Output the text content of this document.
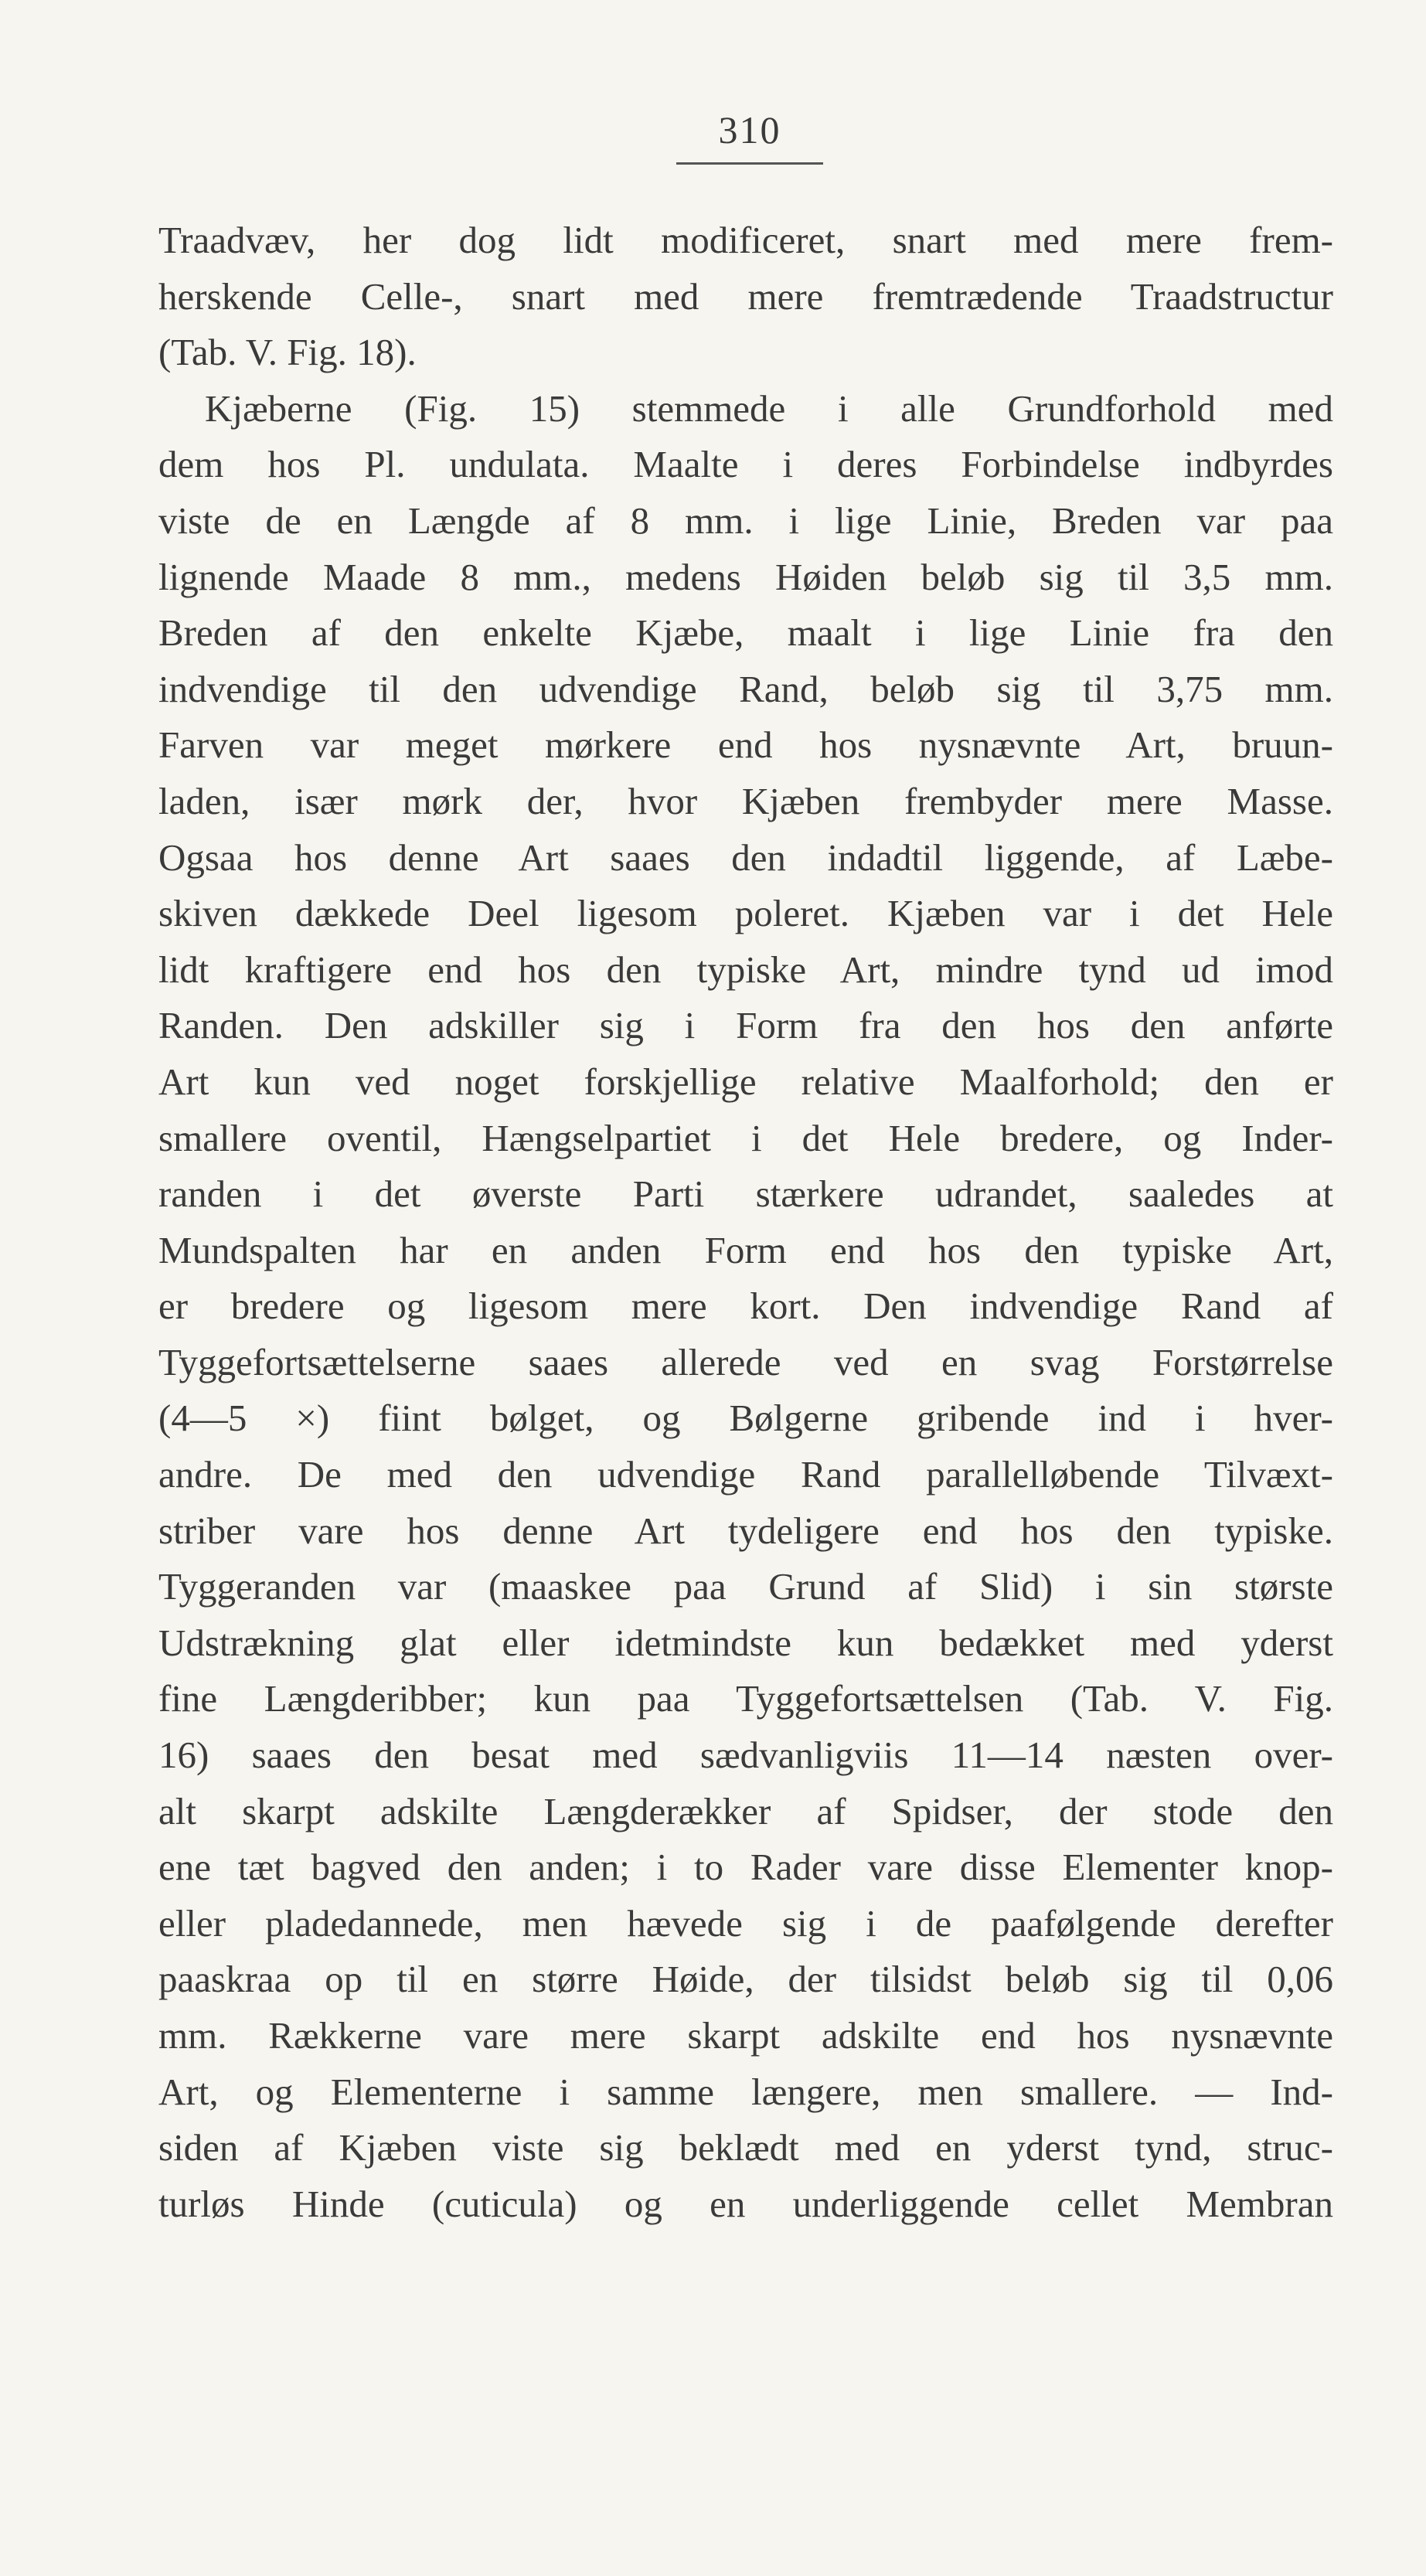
310
Traadvæv, her dog lidt modificeret, snart med mere frem-
herskende Celle-, snart med mere fremtrædende Traadstructur
(Tab. V. Fig. 18).
Kjæberne (Fig. 15) stemmede i alle Grundforhold med
dem hos Pl. undulata. Maalte i deres Forbindelse indbyrdes
viste de en Længde af 8 mm. i lige Linie, Breden var paa
lignende Maade 8 mm., medens Høiden beløb sig til 3,5 mm.
Breden af den enkelte Kjæbe, maalt i lige Linie fra den
indvendige til den udvendige Rand, beløb sig til 3,75 mm.
Farven var meget mørkere end hos nysnævnte Art, bruun-
laden, især mørk der, hvor Kjæben frembyder mere Masse.
Ogsaa hos denne Art saaes den indadtil liggende, af Læbe-
skiven dækkede Deel ligesom poleret. Kjæben var i det Hele
lidt kraftigere end hos den typiske Art, mindre tynd ud imod
Randen. Den adskiller sig i Form fra den hos den anførte
Art kun ved noget forskjellige relative Maalforhold; den er
smallere oventil, Hængselpartiet i det Hele bredere, og Inder-
randen i det øverste Parti stærkere udrandet, saaledes at
Mundspalten har en anden Form end hos den typiske Art,
er bredere og ligesom mere kort. Den indvendige Rand af
Tyggefortsættelserne saaes allerede ved en svag Forstørrelse
(4—5 ×) fiint bølget, og Bølgerne gribende ind i hver-
andre. De med den udvendige Rand parallelløbende Tilvæxt-
striber vare hos denne Art tydeligere end hos den typiske.
Tyggeranden var (maaskee paa Grund af Slid) i sin største
Udstrækning glat eller idetmindste kun bedækket med yderst
fine Længderibber; kun paa Tyggefortsættelsen (Tab. V. Fig.
16) saaes den besat med sædvanligviis 11—14 næsten over-
alt skarpt adskilte Længderækker af Spidser, der stode den
ene tæt bagved den anden; i to Rader vare disse Elementer knop-
eller pladedannede, men hævede sig i de paafølgende derefter
paaskraa op til en større Høide, der tilsidst beløb sig til 0,06
mm. Rækkerne vare mere skarpt adskilte end hos nysnævnte
Art, og Elementerne i samme længere, men smallere. — Ind-
siden af Kjæben viste sig beklædt med en yderst tynd, struc-
turløs Hinde (cuticula) og en underliggende cellet Membran
